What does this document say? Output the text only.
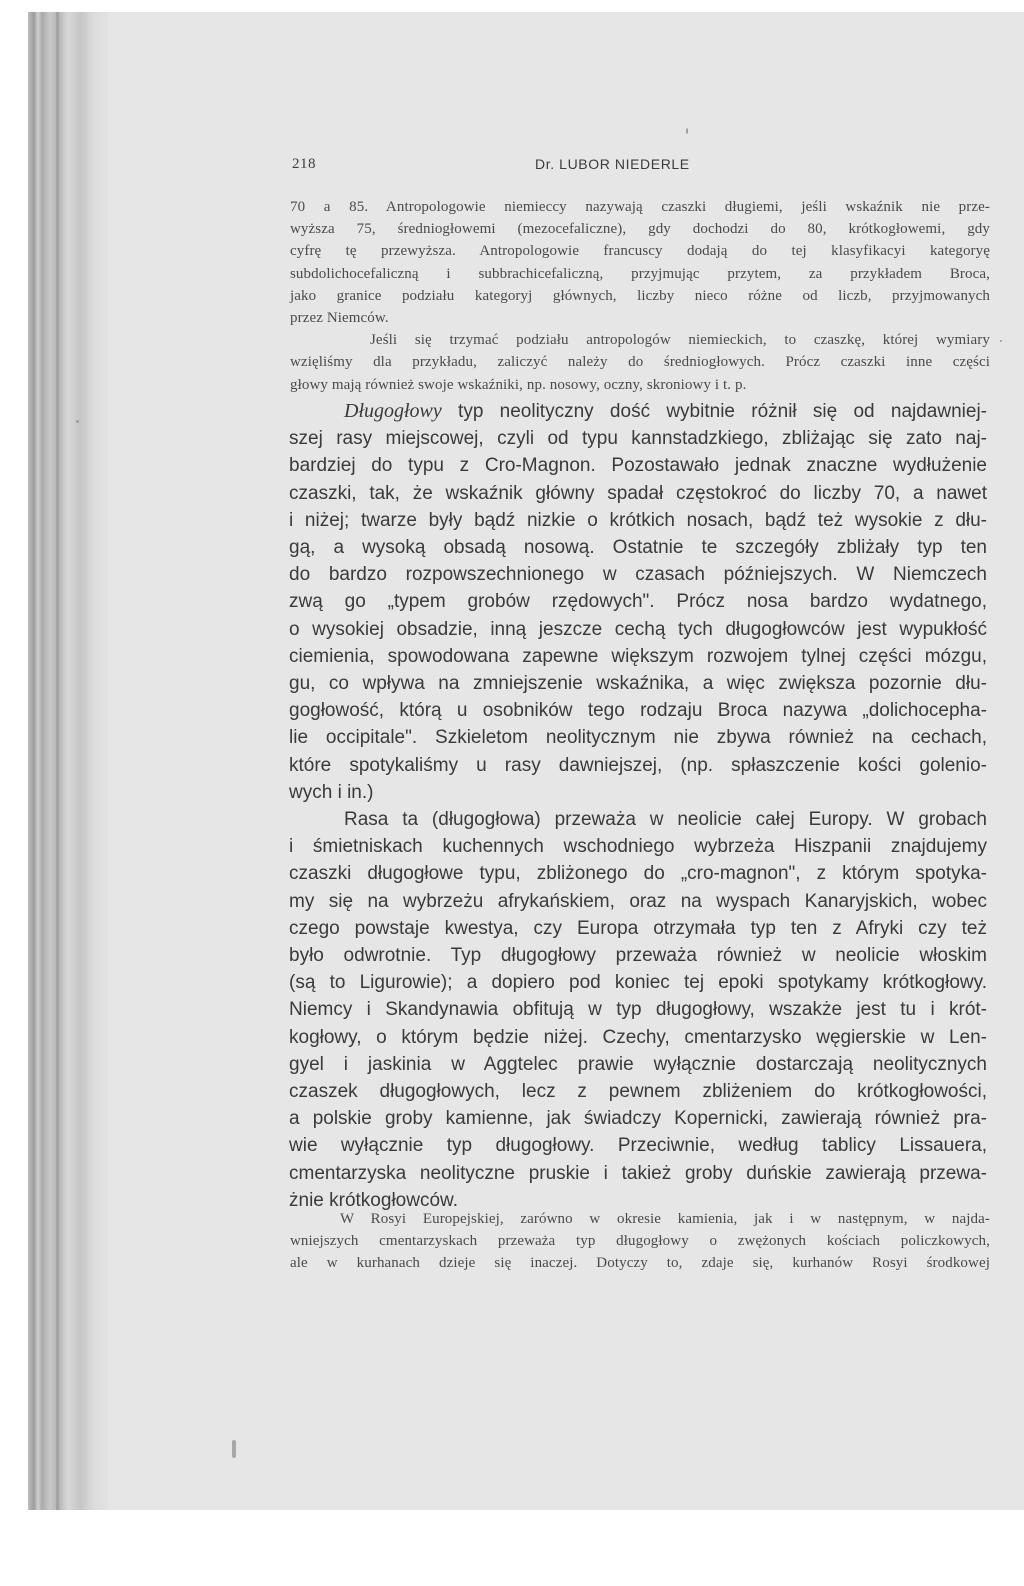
218	Dr. LUBOR NIEDERLE
70 a 85. Antropologowie niemieccy nazywają czaszki długiemi, jeśli wskaźnik nie prze-
wyższa 75, średniogłowemi (mezocefaliczne), gdy dochodzi do 80, krótkogłowemi, gdy
cyfrę tę przewyższa. Antropologowie francuscy dodają do tej klasyfikacyi kategoryę
subdolichocefaliczną i subbrachicefaliczną, przyjmując przytem, za przykładem Broca,
jako granice podziału kategoryj głównych, liczby nieco różne od liczb, przyjmowanych
przez Niemców.
Jeśli się trzymać podziału antropologów niemieckich, to czaszkę, której wymiary
wzięliśmy dla przykładu, zaliczyć należy do średniogłowych. Prócz czaszki inne części
głowy mają również swoje wskaźniki, np. nosowy, oczny, skroniowy i t. p.
Długogłowy typ neolityczny dość wybitnie różnił się od najdawniej-
szej rasy miejscowej, czyli od typu kannstadzkiego, zbliżając się zato naj-
bardziej do typu z Cro-Magnon. Pozostawało jednak znaczne wydłużenie
czaszki, tak, że wskaźnik główny spadał częstokroć do liczby 70, a nawet
i niżej; twarze były bądź nizkie o krótkich nosach, bądź też wysokie z dłu-
gą, a wysoką obsadą nosową. Ostatnie te szczegóły zbliżały typ ten
do bardzo rozpowszechnionego w czasach późniejszych. W Niemczech
zwą go „typem grobów rzędowych". Prócz nosa bardzo wydatnego,
o wysokiej obsadzie, inną jeszcze cechą tych długogłowców jest wypukłość
ciemienia, spowodowana zapewne większym rozwojem tylnej części mózgu,
gu, co wpływa na zmniejszenie wskaźnika, a więc zwiększa pozornie dłu-
gogłowość, którą u osobników tego rodzaju Broca nazywa „dolichocepha-
lie occipitale". Szkieletom neolitycznym nie zbywa również na cechach,
które spotykaliśmy u rasy dawniejszej, (np. spłaszczenie kości golenio-
wych i in.)
Rasa ta (długogłowa) przeważa w neolicie całej Europy. W grobach
i śmietniskach kuchennych wschodniego wybrzeża Hiszpanii znajdujemy
czaszki długogłowe typu, zbliżonego do „cro-magnon", z którym spotyka-
my się na wybrzeżu afrykańskiem, oraz na wyspach Kanaryjskich, wobec
czego powstaje kwestya, czy Europa otrzymała typ ten z Afryki czy też
było odwrotnie. Typ długogłowy przeważa również w neolicie włoskim
(są to Ligurowie); a dopiero pod koniec tej epoki spotykamy krótkogłowy.
Niemcy i Skandynawia obfitują w typ długogłowy, wszakże jest tu i krót-
kogłowy, o którym będzie niżej. Czechy, cmentarzysko węgierskie w Len-
gyel i jaskinia w Aggtelec prawie wyłącznie dostarczają neolitycznych
czaszek długogłowych, lecz z pewnem zbliżeniem do krótkogłowości,
a polskie groby kamienne, jak świadczy Kopernicki, zawierają również pra-
wie wyłącznie typ długogłowy. Przeciwnie, według tablicy Lissauera,
cmentarzyska neolityczne pruskie i takież groby duńskie zawierają przewa-
żnie krótkogłowców.
W Rosyi Europejskiej, zarówno w okresie kamienia, jak i w następnym, w najda-
wniejszych cmentarzyskach przeważa typ długogłowy o zwężonych kościach policzkowych,
ale w kurhanach dzieje się inaczej. Dotyczy to, zdaje się, kurhanów Rosyi środkowej
